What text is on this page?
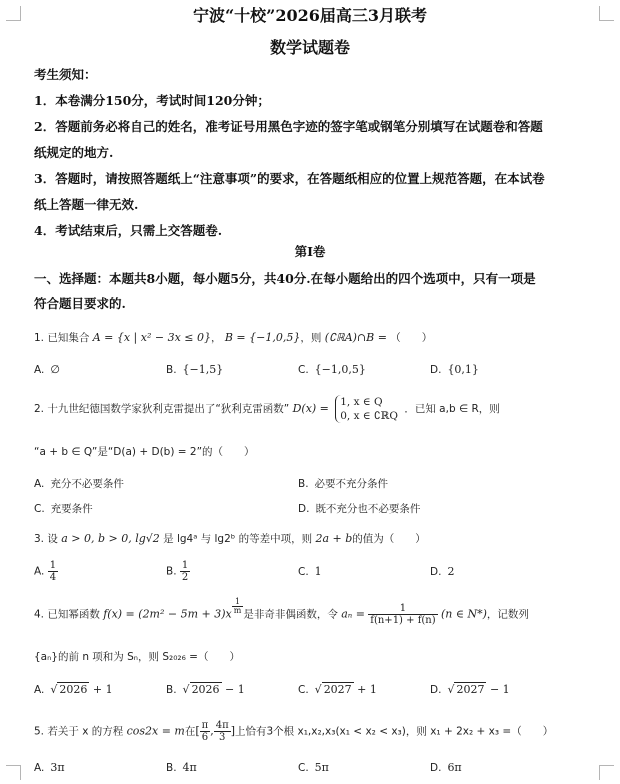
宁波“十校”2026届高三3月联考
数学试题卷
考生须知：
1．本卷满分150分，考试时间120分钟；
2．答题前务必将自己的姓名，准考证号用黑色字迹的签字笔或钢笔分别填写在试题卷和答题
纸规定的地方.
3．答题时，请按照答题纸上“注意事项”的要求，在答题纸相应的位置上规范答题，在本试卷
纸上答题一律无效.
4．考试结束后，只需上交答题卷.
第Ⅰ卷
一、选择题：本题共8小题，每小题5分，共40分.在每小题给出的四个选项中，只有一项是
符合题目要求的.
1. 已知集合 A = {x | x² − 3x ≤ 0}， B = {−1,0,5}，则 (∁ℝA)∩B = （　　）
A. ∅	B. {−1,5}	C. {−1,0,5}	D. {0,1}
2. 十九世纪德国数学家狄利克雷提出了“狄利克雷函数” D(x) = 1, x ∈ Q
0, x ∈ ∁ℝQ
．已知 a,b ∈ R，则
“a + b ∈ Q”是“D(a) + D(b) = 2”的（　　）
A. 充分不必要条件	B. 必要不充分条件
C. 充要条件	D. 既不充分也不必要条件
3. 设 a > 0, b > 0, lg√2 是 lg4ᵃ 与 lg2ᵇ 的等差中项，则 2a + b的值为（　　）
A. $\frac{1}{4}$	B. $\frac{1}{2}$	C. 1	D. 2
4. 已知幂函数 f(x) = (2m² − 5m + 3)x $^{\frac{1}{m}}$ 是非奇非偶函数，令 $a_n = \frac{1}{f(n+1) + f(n)} (n$ ∈ N*)，记数列
{aₙ}的前 n 项和为 Sₙ，则 S₂₀₂₆ =（　　）
A. √ 2026 + 1	B. √ 2026 − 1	C. √ 2027 + 1	D. √ 2027 − 1
5. 若关于 x 的方程 cos2x = m在[ $\frac{\pi}{6}$ , $\frac{4\pi}{3}$ ]上恰有3个根 x₁,x₂,x₃(x₁ < x₂ < x₃)，则 x₁ + 2x₂ + x₃ =（　　）
A. 3π	B. 4π	C. 5π	D. 6π
